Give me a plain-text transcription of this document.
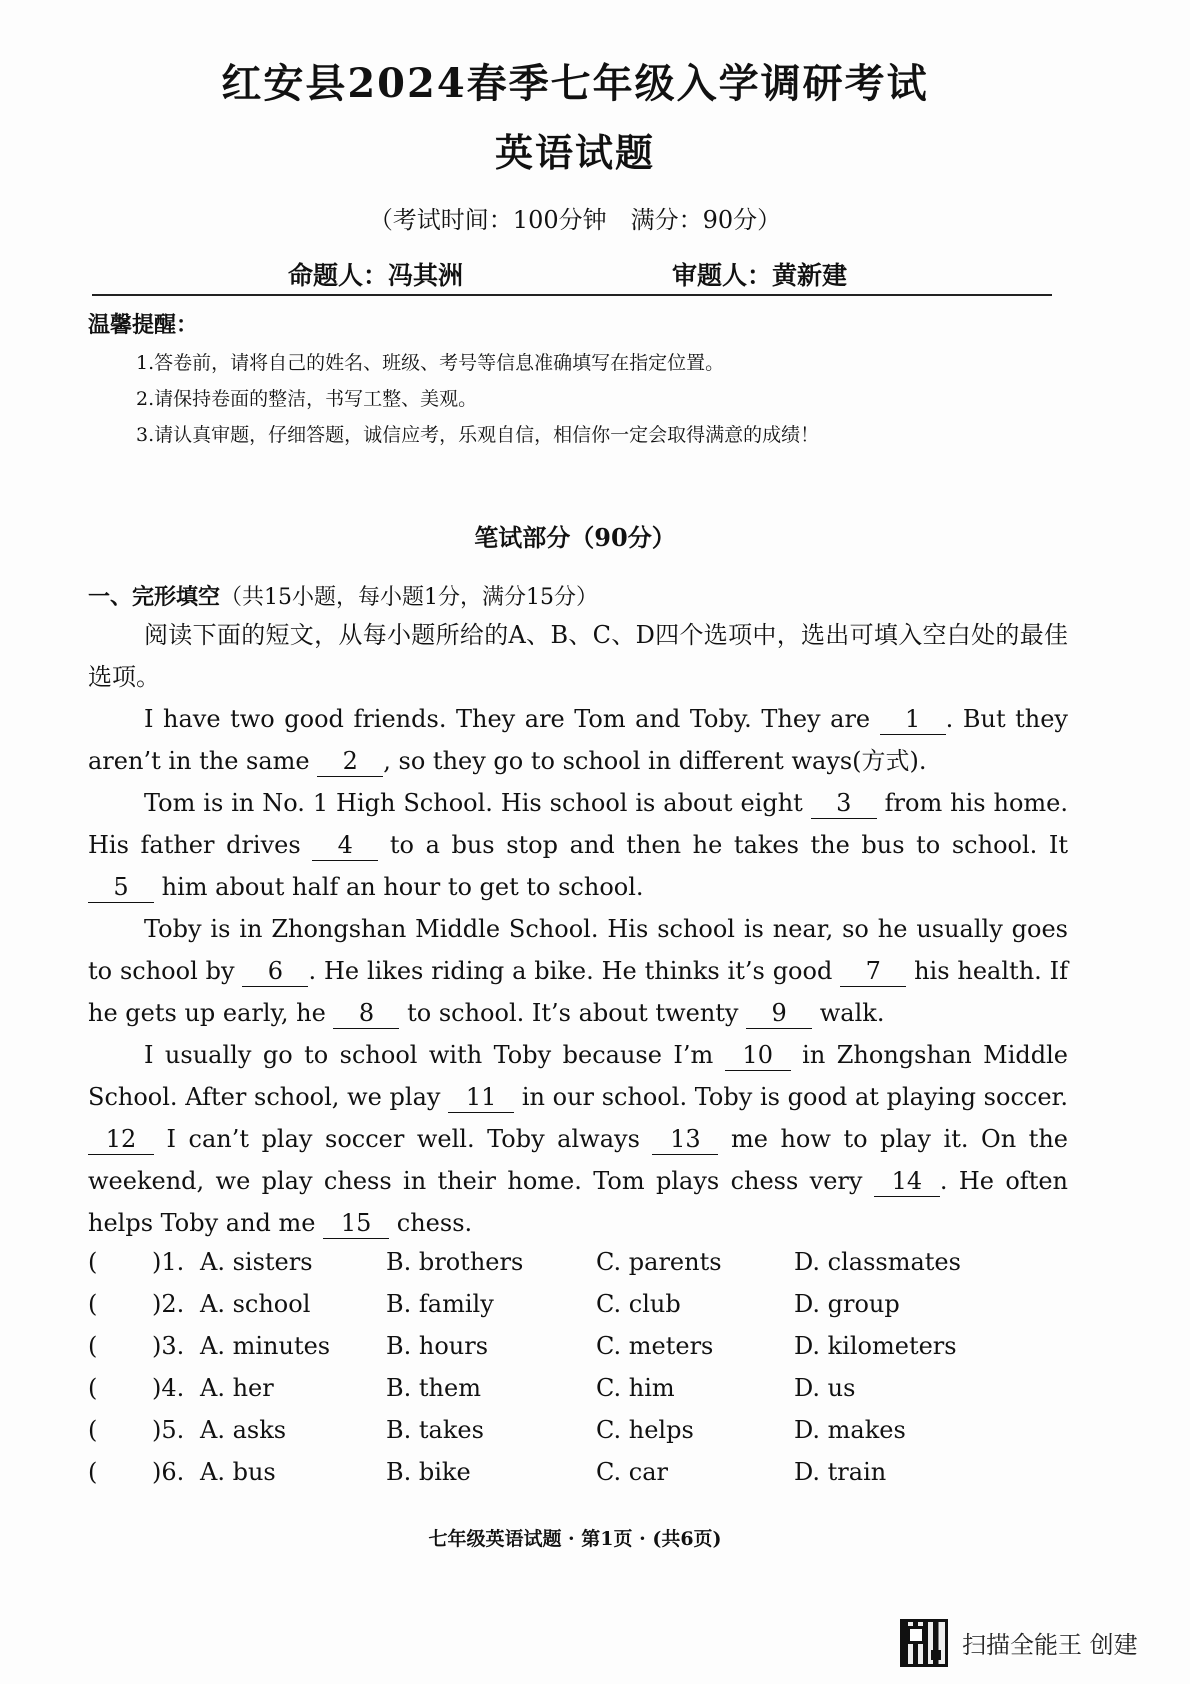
红安县2024春季七年级入学调研考试
英语试题
（考试时间：100分钟　满分：90分）
命题人：冯其洲	审题人：黄新建
温馨提醒：
1.答卷前，请将自己的姓名、班级、考号等信息准确填写在指定位置。
2.请保持卷面的整洁，书写工整、美观。
3.请认真审题，仔细答题，诚信应考，乐观自信，相信你一定会取得满意的成绩！
笔试部分（90分）
一、完形填空（共15小题，每小题1分，满分15分）
阅读下面的短文，从每小题所给的A、B、C、D四个选项中，选出可填入空白处的最佳选项。
I have two good friends. They are Tom and Toby. They are 1 . But they aren’t in the same 2 , so they go to school in different ways(方式).
Tom is in No. 1 High School. His school is about eight 3 from his home. His father drives 4 to a bus stop and then he takes the bus to school. It 5 him about half an hour to get to school.
Toby is in Zhongshan Middle School. His school is near, so he usually goes to school by 6 . He likes riding a bike. He thinks it’s good 7 his health. If he gets up early, he 8 to school. It’s about twenty 9 walk.
I usually go to school with Toby because I’m 10 in Zhongshan Middle School. After school, we play 11 in our school. Toby is good at playing soccer. 12 I can’t play soccer well. Toby always 13 me how to play it. On the weekend, we play chess in their home. Tom plays chess very 14 . He often helps Toby and me 15 chess.
( )1. A. sisters	B. brothers	C. parents	D. classmates
( )2. A. school	B. family	C. club	D. group
( )3. A. minutes B. hours	C. meters	D. kilometers
( )4. A. her	B. them	C. him	D. us
( )5. A. asks	B. takes	C. helps	D. makes
( )6. A. bus	B. bike	C. car	D. train
七年级英语试题 · 第1页 · (共6页)
扫描全能王 创建
